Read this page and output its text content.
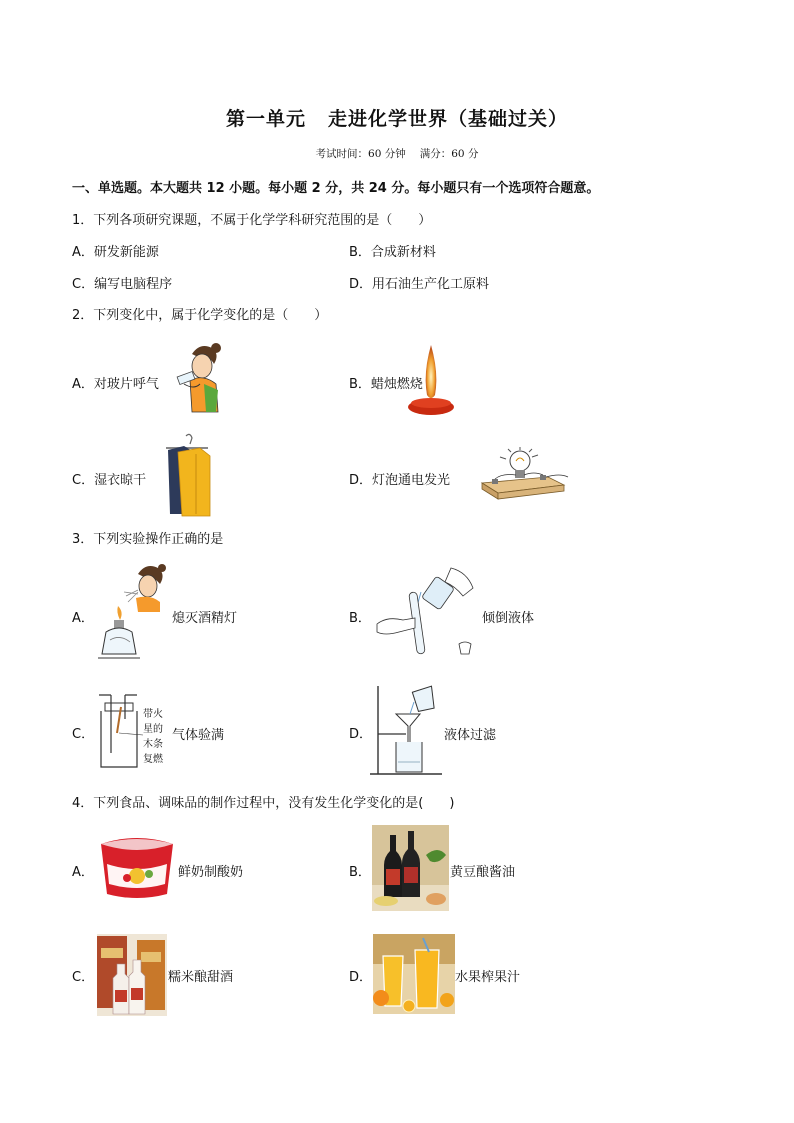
第一单元 走进化学世界（基础过关）
考试时间：60 分钟 满分：60 分
一、单选题。本大题共 12 小题。每小题 2 分，共 24 分。每小题只有一个选项符合题意。
1．下列各项研究课题，不属于化学学科研究范围的是（　　）
A．研发新能源	B．合成新材料
C．编写电脑程序	D．用石油生产化工原料
2．下列变化中，属于化学变化的是（　　）
A．对玻片呼气	B．蜡烛燃烧
C．湿衣晾干	D．灯泡通电发光
3．下列实验操作正确的是
A．	熄灭酒精灯	B．	倾倒液体
C．	气体验满	D．	液体过滤
带火
星的
木条
复燃
4．下列食品、调味品的制作过程中，没有发生化学变化的是(　　)
A．	鲜奶制酸奶	B．	黄豆酿酱油
C．	糯米酿甜酒	D．	水果榨果汁
